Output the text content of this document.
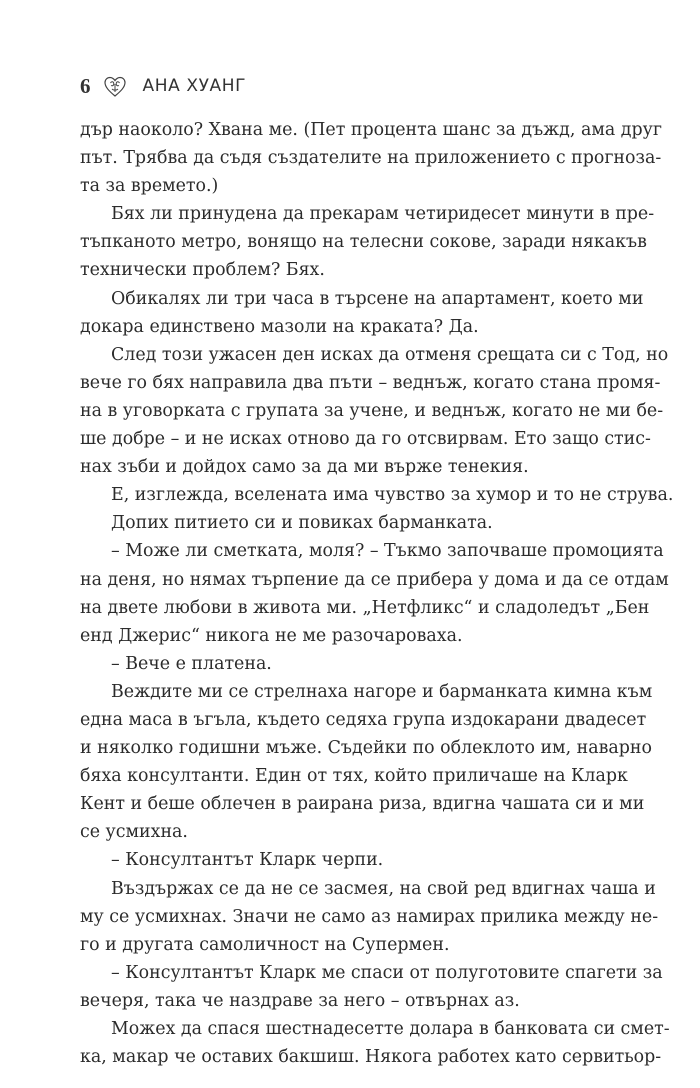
6	АНА ХУАНГ
дър наоколо? Хвана ме. (Пет процента шанс за дъжд, ама друг
път. Трябва да съдя създателите на приложението с прогноза-
та за времето.)
Бях ли принудена да прекарам четиридесет минути в пре-
тъпканото метро, вонящо на телесни сокове, заради някакъв
технически проблем? Бях.
Обикалях ли три часа в търсене на апартамент, което ми
докара единствено мазоли на краката? Да.
След този ужасен ден исках да отменя срещата си с Тод, но
вече го бях направила два пъти – веднъж, когато стана промя-
на в уговорката с групата за учене, и веднъж, когато не ми бе-
ше добре – и не исках отново да го отсвирвам. Ето защо стис-
нах зъби и дойдох само за да ми върже тенекия.
Е, изглежда, вселената има чувство за хумор и то не струва.
Допих питието си и повиках барманката.
– Може ли сметката, моля? – Тъкмо започваше промоцията
на деня, но нямах търпение да се прибера у дома и да се отдам
на двете любови в живота ми. „Нетфликс“ и сладоледът „Бен
енд Джерис“ никога не ме разочароваха.
– Вече е платена.
Веждите ми се стрелнаха нагоре и барманката кимна към
една маса в ъгъла, където седяха група издокарани двадесет
и няколко годишни мъже. Съдейки по облеклото им, наварно
бяха консултанти. Един от тях, който приличаше на Кларк
Кент и беше облечен в раирана риза, вдигна чашата си и ми
се усмихна.
– Консултантът Кларк черпи.
Въздържах се да не се засмея, на свой ред вдигнах чаша и
му се усмихнах. Значи не само аз намирах прилика между не-
го и другата самоличност на Супермен.
– Консултантът Кларк ме спаси от полуготовите спагети за
вечеря, така че наздраве за него – отвърнах аз.
Можех да спася шестнадесетте долара в банковата си смет-
ка, макар че оставих бакшиш. Някога работех като сервитьор-
